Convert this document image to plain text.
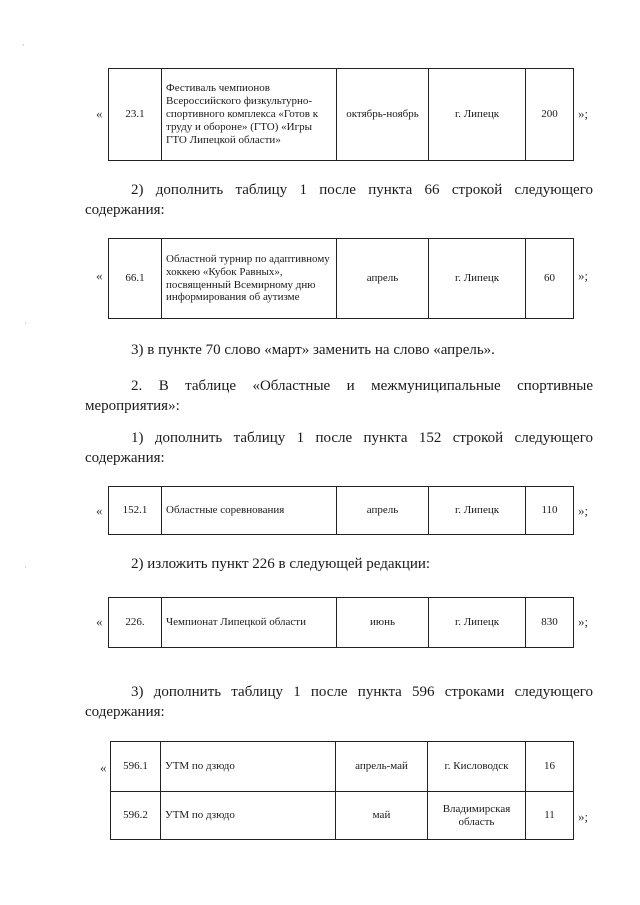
« 23.1	Фестиваль чемпионов Всероссийского физкультурно-спортивного комплекса «Готов к труду и обороне» (ГТО) «Игры ГТО Липецкой области»	октябрь-ноябрь	г. Липецк	200 »;
2) дополнить таблицу 1 после пункта 66 строкой следующего содержания:
« 66.1	Областной турнир по адаптивному хоккею «Кубок Равных», посвященный Всемирному дню информирования об аутизме	апрель	г. Липецк	60 »;
3) в пункте 70 слово «март» заменить на слово «апрель».
2. В таблице «Областные и межмуниципальные спортивные мероприятия»:
1) дополнить таблицу 1 после пункта 152 строкой следующего содержания:
« 152.1	Областные соревнования	апрель	г. Липецк	110 »;
2) изложить пункт 226 в следующей редакции:
« 226.	Чемпионат Липецкой области	июнь	г. Липецк	830 »;
3) дополнить таблицу 1 после пункта 596 строками следующего содержания:
« 596.1	УТМ по дзюдо	апрель-май	г. Кисловодск	16
596.2	УТМ по дзюдо	май	Владимирская область	11 »;
·
·
·
